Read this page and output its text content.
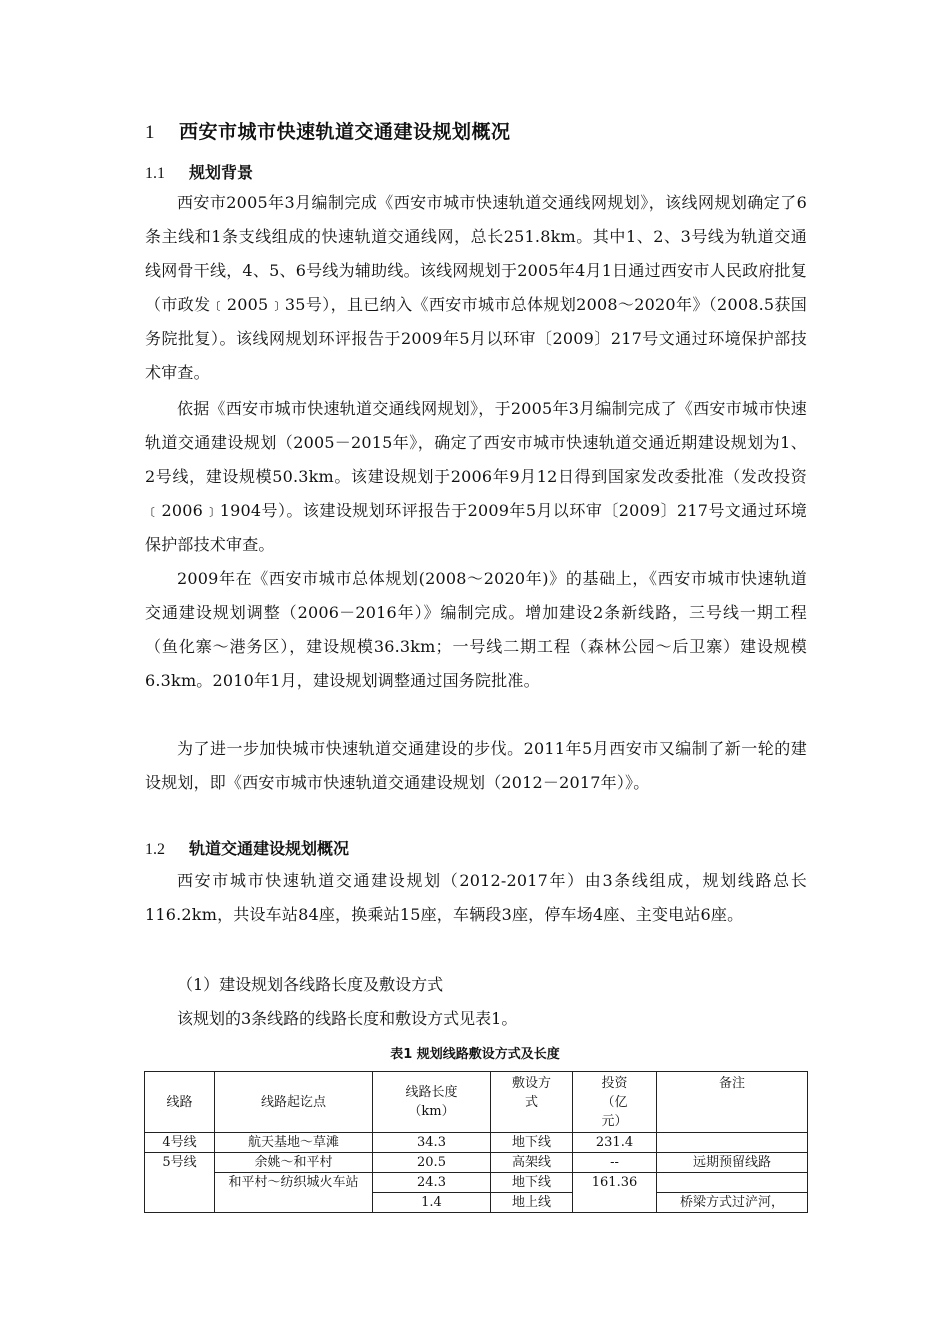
1 西安市城市快速轨道交通建设规划概况
1.1 规划背景
西安市2005年3月编制完成《西安市城市快速轨道交通线网规划》，该线网规划确定了6条主线和1条支线组成的快速轨道交通线网，总长251.8km。其中1、2、3号线为轨道交通线网骨干线，4、5、6号线为辅助线。该线网规划于2005年4月1日通过西安市人民政府批复（市政发﹝2005﹞35号），且已纳入《西安市城市总体规划2008～2020年》（2008.5获国务院批复）。该线网规划环评报告于2009年5月以环审〔2009〕217号文通过环境保护部技术审查。
依据《西安市城市快速轨道交通线网规划》，于2005年3月编制完成了《西安市城市快速轨道交通建设规划（2005－2015年》，确定了西安市城市快速轨道交通近期建设规划为1、2号线，建设规模50.3km。该建设规划于2006年9月12日得到国家发改委批准（发改投资﹝2006﹞1904号）。该建设规划环评报告于2009年5月以环审〔2009〕217号文通过环境保护部技术审查。
2009年在《西安市城市总体规划(2008～2020年)》的基础上，《西安市城市快速轨道交通建设规划调整（2006－2016年）》编制完成。增加建设2条新线路，三号线一期工程（鱼化寨～港务区），建设规模36.3km；一号线二期工程（森林公园～后卫寨）建设规模6.3km。2010年1月，建设规划调整通过国务院批准。
为了进一步加快城市快速轨道交通建设的步伐。2011年5月西安市又编制了新一轮的建设规划，即《西安市城市快速轨道交通建设规划（2012－2017年）》。
1.2 轨道交通建设规划概况
西安市城市快速轨道交通建设规划（2012-2017年）由3条线组成，规划线路总长116.2km，共设车站84座，换乘站15座，车辆段3座，停车场4座、主变电站6座。
（1）建设规划各线路长度及敷设方式
该规划的3条线路的线路长度和敷设方式见表1。
表1 规划线路敷设方式及长度
线路	线路起讫点	线路长度（km）	敷设方式	投资（亿元）	备注
4号线	航天基地～草滩	34.3	地下线	231.4	
5号线	余姚～和平村	20.5	高架线	--	远期预留线路
	和平村～纺织城火车站	24.3	地下线	161.36	
		1.4	地上线		桥梁方式过浐河，
